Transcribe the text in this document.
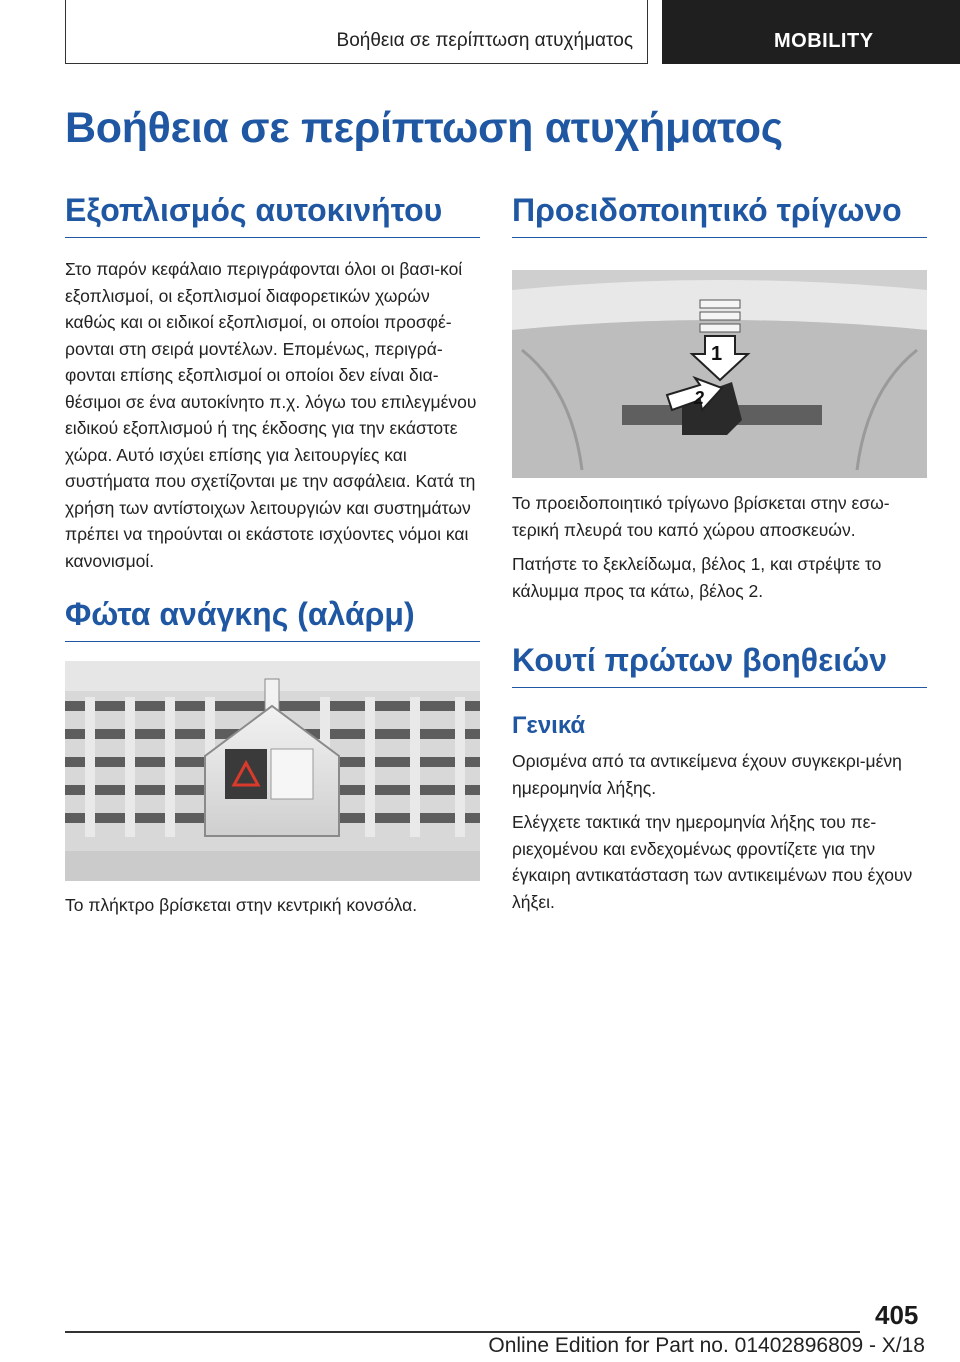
Βοήθεια σε περίπτωση ατυχήματος	MOBILITY
Βοήθεια σε περίπτωση ατυχήματος
Εξοπλισμός αυτοκινήτου

Στο παρόν κεφάλαιο περιγράφονται όλοι οι βασι-κοί εξοπλισμοί, οι εξοπλισμοί διαφορετικών χωρών καθώς και οι ειδικοί εξοπλισμοί, οι οποίοι προσφέ-ρονται στη σειρά μοντέλων. Επομένως, περιγρά-φονται επίσης εξοπλισμοί οι οποίοι δεν είναι δια-θέσιμοι σε ένα αυτοκίνητο π.χ. λόγω του επιλεγμένου ειδικού εξοπλισμού ή της έκδοσης για την εκάστοτε χώρα. Αυτό ισχύει επίσης για λειτουργίες και συστήματα που σχετίζονται με την ασφάλεια. Κατά τη χρήση των αντίστοιχων λειτουργιών και συστημάτων πρέπει να τηρούνται οι εκάστοτε ισχύοντες νόμοι και κανονισμοί.

Φώτα ανάγκης (αλάρμ)

Το πλήκτρο βρίσκεται στην κεντρική κονσόλα.

Προειδοποιητικό τρίγωνο
1
2

Το προειδοποιητικό τρίγωνο βρίσκεται στην εσω-τερική πλευρά του καπό χώρου αποσκευών.

Πατήστε το ξεκλείδωμα, βέλος 1, και στρέψτε το κάλυμμα προς τα κάτω, βέλος 2.

Κουτί πρώτων βοηθειών
Γενικά

Ορισμένα από τα αντικείμενα έχουν συγκεκρι-μένη ημερομηνία λήξης.

Ελέγχετε τακτικά την ημερομηνία λήξης του πε-ριεχομένου και ενδεχομένως φροντίζετε για την έγκαιρη αντικατάσταση των αντικειμένων που έχουν λήξει.

405
Online Edition for Part no. 01402896809 - X/18
